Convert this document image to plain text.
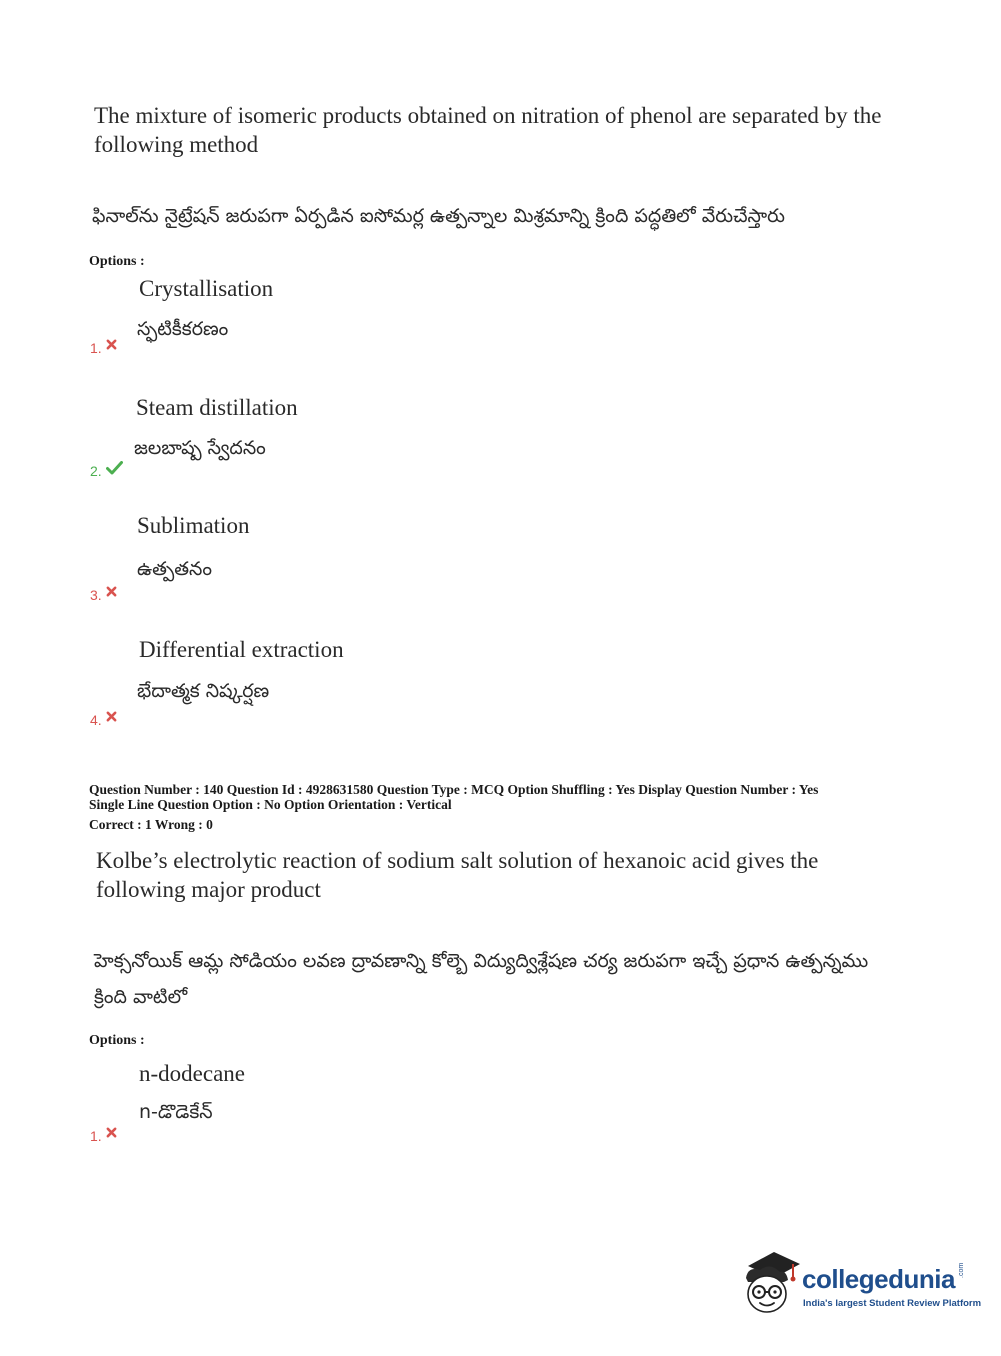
The mixture of isomeric products obtained on nitration of phenol are separated by the following method
ఫినాల్‌ను నైట్రేషన్ జరుపగా ఏర్పడిన ఐసోమర్ల ఉత్పన్నాల మిశ్రమాన్ని క్రింది పద్ధతిలో వేరుచేస్తారు
Options :
Crystallisation
స్ఫటికీకరణం
1.
Steam distillation
జలబాష్ప స్వేదనం
2.
Sublimation
ఉత్పతనం
3.
Differential extraction
భేదాత్మక నిష్కర్షణ
4.
Question Number : 140 Question Id : 4928631580 Question Type : MCQ Option Shuffling : Yes Display Question Number : Yes
Single Line Question Option : No Option Orientation : Vertical
Correct : 1 Wrong : 0
Kolbe’s electrolytic reaction of sodium salt solution of hexanoic acid gives the following major product
హెక్సనోయిక్ ఆమ్ల సోడియం లవణ ద్రావణాన్ని కోల్బె విద్యుద్విశ్లేషణ చర్య జరుపగా ఇచ్చే ప్రధాన ఉత్పన్నము క్రింది వాటిలో
Options :
n-dodecane
n-డొడెకేన్
1.
collegedunia .com
India's largest Student Review Platform
